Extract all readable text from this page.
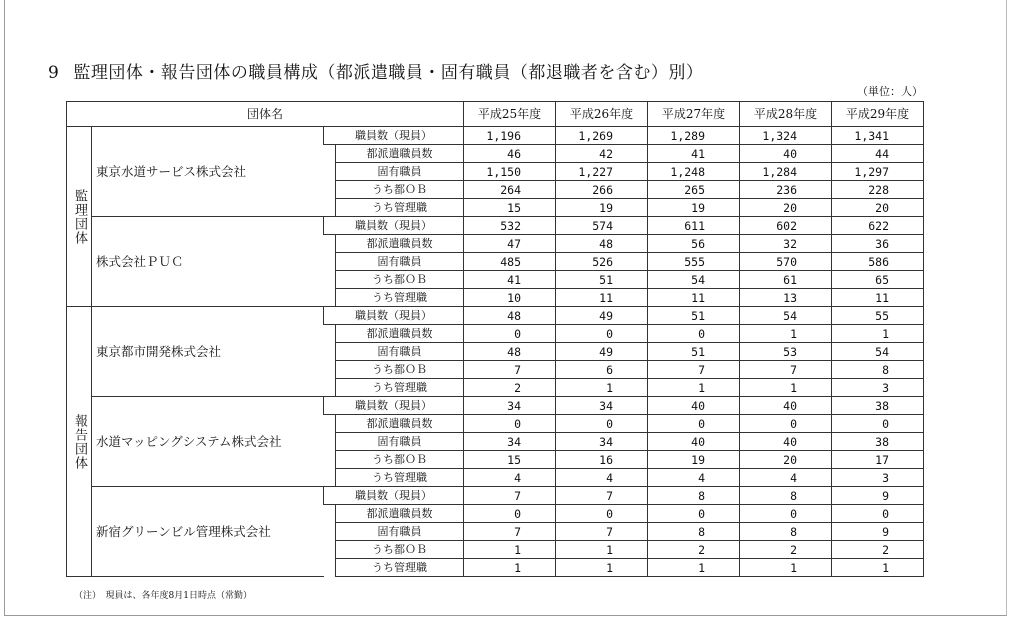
9 監理団体・報告団体の職員構成（都派遣職員・固有職員（都退職者を含む）別）
（単位：人）
団体名				平成25年度	平成26年度	平成27年度	平成28年度	平成29年度
監理団体	東京水道サービス株式会社	職員数（現員）		1,196	1,269	1,289	1,324	1,341
			都派遣職員数	46	42	41	40	44
			固有職員	1,150	1,227	1,248	1,284	1,297
			うち都ＯＢ	264	266	265	236	228
			うち管理職	15	19	19	20	20
	株式会社ＰＵＣ	職員数（現員）		532	574	611	602	622
			都派遣職員数	47	48	56	32	36
			固有職員	485	526	555	570	586
			うち都ＯＢ	41	51	54	61	65
			うち管理職	10	11	11	13	11
報告団体	東京都市開発株式会社	職員数（現員）		48	49	51	54	55
			都派遣職員数	0	0	0	1	1
			固有職員	48	49	51	53	54
			うち都ＯＢ	7	6	7	7	8
			うち管理職	2	1	1	1	3
	水道マッピングシステム株式会社	職員数（現員）		34	34	40	40	38
			都派遣職員数	0	0	0	0	0
			固有職員	34	34	40	40	38
			うち都ＯＢ	15	16	19	20	17
			うち管理職	4	4	4	4	3
	新宿グリーンビル管理株式会社	職員数（現員）		7	7	8	8	9
			都派遣職員数	0	0	0	0	0
			固有職員	7	7	8	8	9
			うち都ＯＢ	1	1	2	2	2
			うち管理職	1	1	1	1	1
（注）　現員は、各年度8月1日時点（常勤）
